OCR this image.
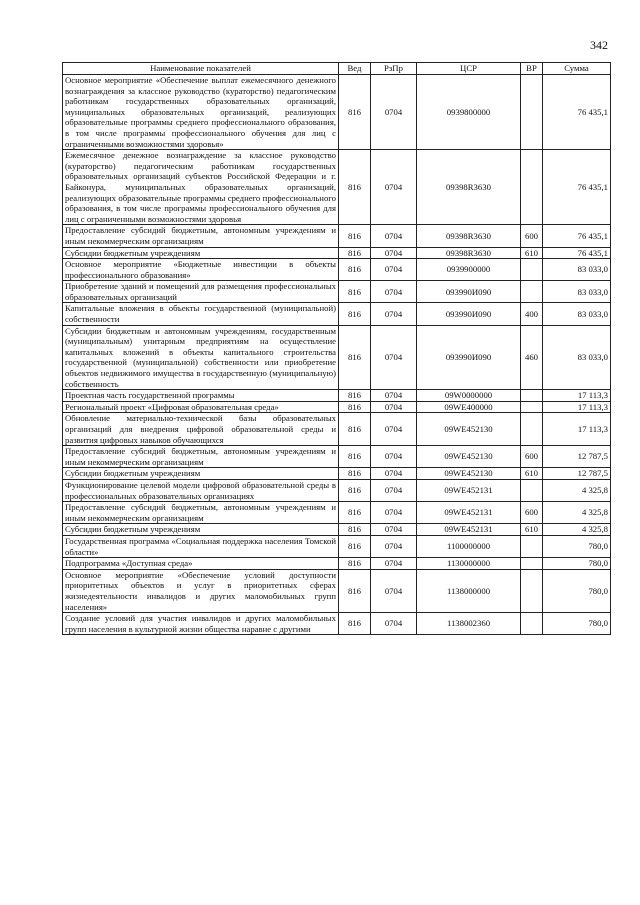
342
Наименование показателей	Вед	РзПр	ЦСР	ВР	Сумма
Основное мероприятие «Обеспечение выплат ежемесячного денежного вознаграждения за классное руководство (кураторство) педагогическим работникам государственных образовательных организаций, муниципальных образовательных организаций, реализующих образовательные программы среднего профессионального образования, в том числе программы профессионального обучения для лиц с ограниченными возможностями здоровья»	816	0704	0939800000		76 435,1
Ежемесячное денежное вознаграждение за классное руководство (кураторство) педагогическим работникам государственных образовательных организаций субъектов Российской Федерации и г. Байконура, муниципальных образовательных организаций, реализующих образовательные программы среднего профессионального образования, в том числе программы профессионального обучения для лиц с ограниченными возможностями здоровья	816	0704	09398R3630		76 435,1
Предоставление субсидий бюджетным, автономным учреждениям и иным некоммерческим организациям	816	0704	09398R3630	600	76 435,1
Субсидии бюджетным учреждениям	816	0704	09398R3630	610	76 435,1
Основное мероприятие «Бюджетные инвестиции в объекты профессионального образования»	816	0704	0939900000		83 033,0
Приобретение зданий и помещений для размещения профессиональных образовательных организаций	816	0704	093990И090		83 033,0
Капитальные вложения в объекты государственной (муниципальной) собственности	816	0704	093990И090	400	83 033,0
Субсидии бюджетным и автономным учреждениям, государственным (муниципальным) унитарным предприятиям на осуществление капитальных вложений в объекты капитального строительства государственной (муниципальной) собственности или приобретение объектов недвижимого имущества в государственную (муниципальную) собственность	816	0704	093990И090	460	83 033,0
Проектная часть государственной программы	816	0704	09W0000000		17 113,3
Региональный проект «Цифровая образовательная среда»	816	0704	09WE400000		17 113,3
Обновление материально-технической базы образовательных организаций для внедрения цифровой образовательной среды и развития цифровых навыков обучающихся	816	0704	09WE452130		17 113,3
Предоставление субсидий бюджетным, автономным учреждениям и иным некоммерческим организациям	816	0704	09WE452130	600	12 787,5
Субсидии бюджетным учреждениям	816	0704	09WE452130	610	12 787,5
Функционирование целевой модели цифровой образовательной среды в профессиональных образовательных организациях	816	0704	09WE452131		4 325,8
Предоставление субсидий бюджетным, автономным учреждениям и иным некоммерческим организациям	816	0704	09WE452131	600	4 325,8
Субсидии бюджетным учреждениям	816	0704	09WE452131	610	4 325,8
Государственная программа «Социальная поддержка населения Томской области»	816	0704	1100000000		780,0
Подпрограмма «Доступная среда»	816	0704	1130000000		780,0
Основное мероприятие «Обеспечение условий доступности приоритетных объектов и услуг в приоритетных сферах жизнедеятельности инвалидов и других маломобильных групп населения»	816	0704	1138000000		780,0
Создание условий для участия инвалидов и других маломобильных групп населения в культурной жизни общества наравне с другими	816	0704	1138002360		780,0
